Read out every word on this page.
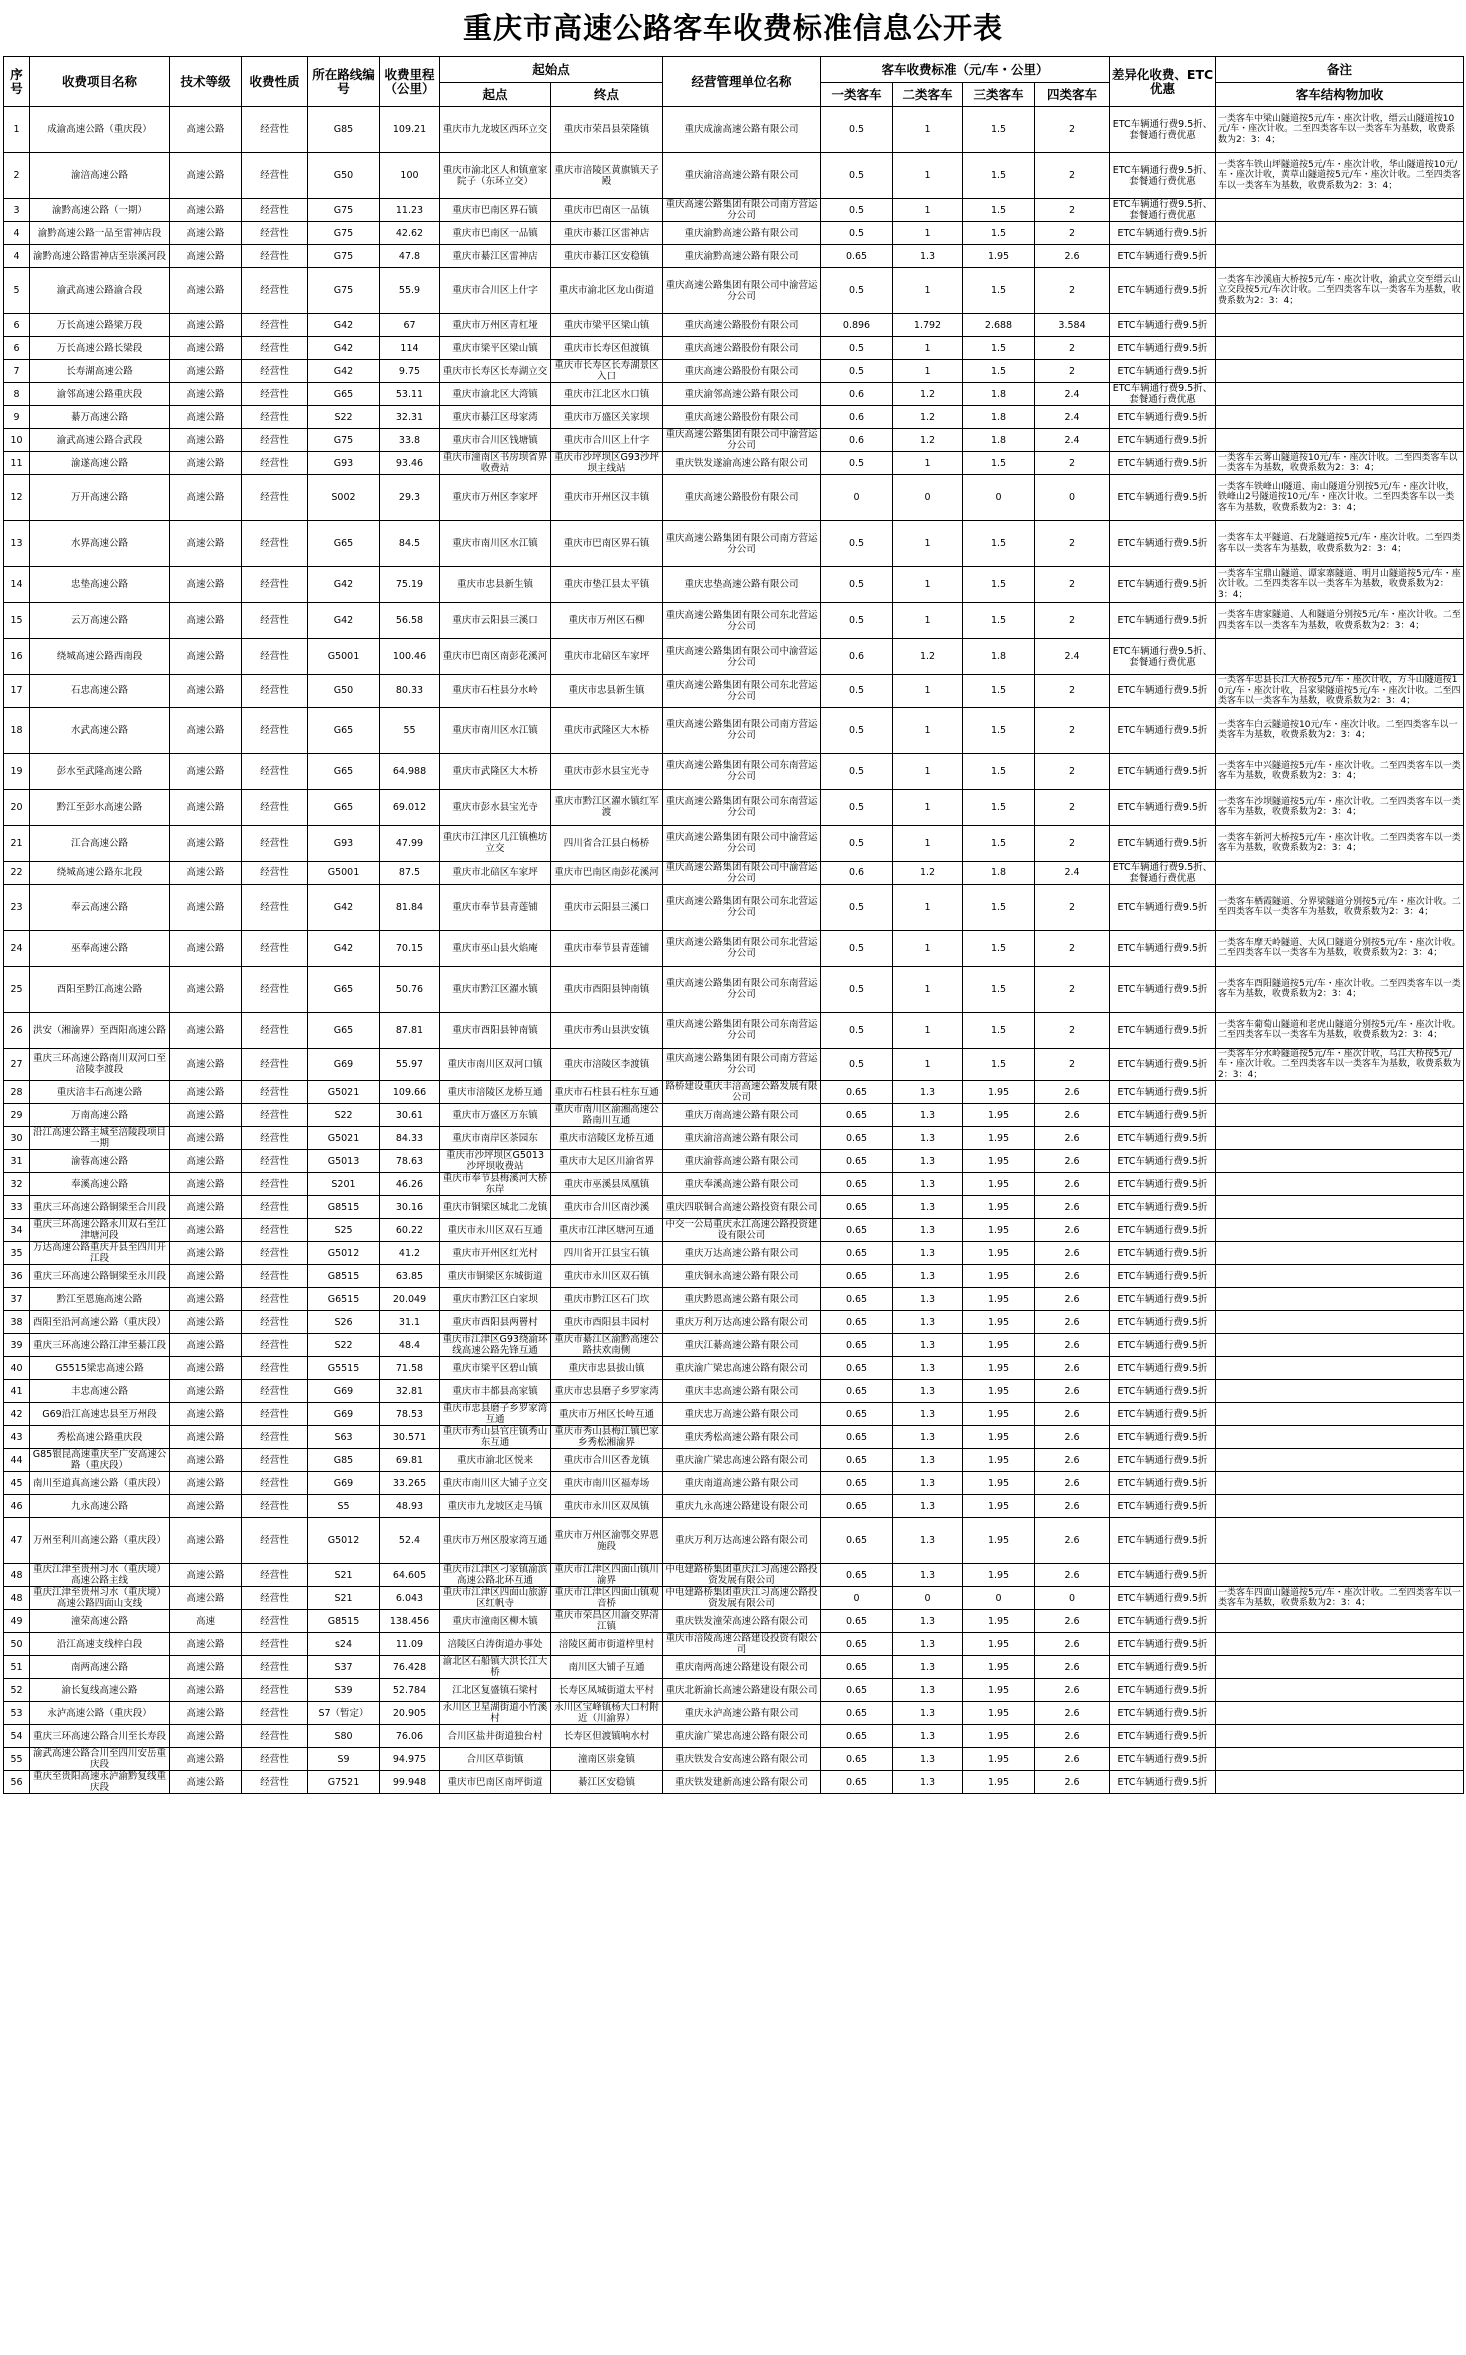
重庆市高速公路客车收费标准信息公开表
序号	收费项目名称	技术等级	收费性质	所在路线编号	收费里程（公里）	起始点		经营管理单位名称	客车收费标准（元/车・公里）				差异化收费、ETC优惠	备注
						起点	终点		一类客车	二类客车	三类客车	四类客车		客车结构物加收
1	成渝高速公路（重庆段）	高速公路	经营性	G85	109.21	重庆市九龙坡区西环立交	重庆市荣昌县荣隆镇	重庆成渝高速公路有限公司	0.5	1	1.5	2	ETC车辆通行费9.5折、套餐通行费优惠	一类客车中梁山隧道按5元/车・座次计收，缙云山隧道按10元/车・座次计收。二至四类客车以一类客车为基数，收费系数为2：3：4；
2	渝涪高速公路	高速公路	经营性	G50	100	重庆市渝北区人和镇童家院子（东环立交）	重庆市涪陵区黄旗镇天子殿	重庆渝涪高速公路有限公司	0.5	1	1.5	2	ETC车辆通行费9.5折、套餐通行费优惠	一类客车铁山坪隧道按5元/车・座次计收，华山隧道按10元/车・座次计收，黄草山隧道按5元/车・座次计收。二至四类客车以一类客车为基数，收费系数为2：3：4；
3	渝黔高速公路（一期）	高速公路	经营性	G75	11.23	重庆市巴南区界石镇	重庆市巴南区一品镇	重庆高速公路集团有限公司南方营运分公司	0.5	1	1.5	2	ETC车辆通行费9.5折、套餐通行费优惠	
4	渝黔高速公路一品至雷神店段	高速公路	经营性	G75	42.62	重庆市巴南区一品镇	重庆市綦江区雷神店	重庆渝黔高速公路有限公司	0.5	1	1.5	2	ETC车辆通行费9.5折	
4	渝黔高速公路雷神店至崇溪河段	高速公路	经营性	G75	47.8	重庆市綦江区雷神店	重庆市綦江区安稳镇	重庆渝黔高速公路有限公司	0.65	1.3	1.95	2.6	ETC车辆通行费9.5折	
5	渝武高速公路渝合段	高速公路	经营性	G75	55.9	重庆市合川区上什字	重庆市渝北区龙山街道	重庆高速公路集团有限公司中渝营运分公司	0.5	1	1.5	2	ETC车辆通行费9.5折	一类客车沙溪庙大桥按5元/车・座次计收，渝武立交至缙云山立交段按5元/车次计收。二至四类客车以一类客车为基数，收费系数为2：3：4；
6	万长高速公路梁万段	高速公路	经营性	G42	67	重庆市万州区青杠垭	重庆市梁平区梁山镇	重庆高速公路股份有限公司	0.896	1.792	2.688	3.584	ETC车辆通行费9.5折	
6	万长高速公路长梁段	高速公路	经营性	G42	114	重庆市梁平区梁山镇	重庆市长寿区但渡镇	重庆高速公路股份有限公司	0.5	1	1.5	2	ETC车辆通行费9.5折	
7	长寿湖高速公路	高速公路	经营性	G42	9.75	重庆市长寿区长寿湖立交	重庆市长寿区长寿湖景区入口	重庆高速公路股份有限公司	0.5	1	1.5	2	ETC车辆通行费9.5折	
8	渝邻高速公路重庆段	高速公路	经营性	G65	53.11	重庆市渝北区大湾镇	重庆市江北区水口镇	重庆渝邻高速公路有限公司	0.6	1.2	1.8	2.4	ETC车辆通行费9.5折、套餐通行费优惠	
9	綦万高速公路	高速公路	经营性	S22	32.31	重庆市綦江区母家湾	重庆市万盛区关家坝	重庆高速公路股份有限公司	0.6	1.2	1.8	2.4	ETC车辆通行费9.5折	
10	渝武高速公路合武段	高速公路	经营性	G75	33.8	重庆市合川区钱塘镇	重庆市合川区上什字	重庆高速公路集团有限公司中渝营运分公司	0.6	1.2	1.8	2.4	ETC车辆通行费9.5折	
11	渝遂高速公路	高速公路	经营性	G93	93.46	重庆市潼南区书房坝省界收费站	重庆市沙坪坝区G93沙坪坝主线站	重庆铁发遂渝高速公路有限公司	0.5	1	1.5	2	ETC车辆通行费9.5折	一类客车云雾山隧道按10元/车・座次计收。二至四类客车以一类客车为基数，收费系数为2：3：4；
12	万开高速公路	高速公路	经营性	S002	29.3	重庆市万州区李家坪	重庆市开州区汉丰镇	重庆高速公路股份有限公司	0	0	0	0	ETC车辆通行费9.5折	一类客车铁峰山Ⅰ隧道、南山隧道分别按5元/车・座次计收，铁峰山2号隧道按10元/车・座次计收。二至四类客车以一类客车为基数，收费系数为2：3：4；
13	水界高速公路	高速公路	经营性	G65	84.5	重庆市南川区水江镇	重庆市巴南区界石镇	重庆高速公路集团有限公司南方营运分公司	0.5	1	1.5	2	ETC车辆通行费9.5折	一类客车太平隧道、石龙隧道按5元/车・座次计收。二至四类客车以一类客车为基数，收费系数为2：3：4；
14	忠垫高速公路	高速公路	经营性	G42	75.19	重庆市忠县新生镇	重庆市垫江县太平镇	重庆忠垫高速公路有限公司	0.5	1	1.5	2	ETC车辆通行费9.5折	一类客车宝鼎山隧道、谭家寨隧道、明月山隧道按5元/车・座次计收。二至四类客车以一类客车为基数，收费系数为2：3：4；
15	云万高速公路	高速公路	经营性	G42	56.58	重庆市云阳县三溪口	重庆市万州区石柳	重庆高速公路集团有限公司东北营运分公司	0.5	1	1.5	2	ETC车辆通行费9.5折	一类客车唐家隧道、人和隧道分别按5元/车・座次计收。二至四类客车以一类客车为基数，收费系数为2：3：4；
16	绕城高速公路西南段	高速公路	经营性	G5001	100.46	重庆市巴南区南彭花溪河	重庆市北碚区车家坪	重庆高速公路集团有限公司中渝营运分公司	0.6	1.2	1.8	2.4	ETC车辆通行费9.5折、套餐通行费优惠	
17	石忠高速公路	高速公路	经营性	G50	80.33	重庆市石柱县分水岭	重庆市忠县新生镇	重庆高速公路集团有限公司东北营运分公司	0.5	1	1.5	2	ETC车辆通行费9.5折	一类客车忠县长江大桥按5元/车・座次计收，方斗山隧道按10元/车・座次计收，吕家梁隧道按5元/车・座次计收。二至四类客车以一类客车为基数，收费系数为2：3：4；
18	水武高速公路	高速公路	经营性	G65	55	重庆市南川区水江镇	重庆市武隆区大木桥	重庆高速公路集团有限公司南方营运分公司	0.5	1	1.5	2	ETC车辆通行费9.5折	一类客车白云隧道按10元/车・座次计收。二至四类客车以一类客车为基数，收费系数为2：3：4；
19	彭水至武隆高速公路	高速公路	经营性	G65	64.988	重庆市武隆区大木桥	重庆市彭水县宝光寺	重庆高速公路集团有限公司东南营运分公司	0.5	1	1.5	2	ETC车辆通行费9.5折	一类客车中兴隧道按5元/车・座次计收。二至四类客车以一类客车为基数，收费系数为2：3：4；
20	黔江至彭水高速公路	高速公路	经营性	G65	69.012	重庆市彭水县宝光寺	重庆市黔江区濯水镇红军渡	重庆高速公路集团有限公司东南营运分公司	0.5	1	1.5	2	ETC车辆通行费9.5折	一类客车沙坝隧道按5元/车・座次计收。二至四类客车以一类客车为基数，收费系数为2：3：4；
21	江合高速公路	高速公路	经营性	G93	47.99	重庆市江津区几江镇樵坊立交	四川省合江县白杨桥	重庆高速公路集团有限公司中渝营运分公司	0.5	1	1.5	2	ETC车辆通行费9.5折	一类客车新河大桥按5元/车・座次计收。二至四类客车以一类客车为基数，收费系数为2：3：4；
22	绕城高速公路东北段	高速公路	经营性	G5001	87.5	重庆市北碚区车家坪	重庆市巴南区南彭花溪河	重庆高速公路集团有限公司中渝营运分公司	0.6	1.2	1.8	2.4	ETC车辆通行费9.5折、套餐通行费优惠	
23	奉云高速公路	高速公路	经营性	G42	81.84	重庆市奉节县青莲铺	重庆市云阳县三溪口	重庆高速公路集团有限公司东北营运分公司	0.5	1	1.5	2	ETC车辆通行费9.5折	一类客车栖霞隧道、分界梁隧道分别按5元/车・座次计收。二至四类客车以一类客车为基数，收费系数为2：3：4；
24	巫奉高速公路	高速公路	经营性	G42	70.15	重庆市巫山县火焰庵	重庆市奉节县青莲铺	重庆高速公路集团有限公司东北营运分公司	0.5	1	1.5	2	ETC车辆通行费9.5折	一类客车摩天岭隧道、大风口隧道分别按5元/车・座次计收。二至四类客车以一类客车为基数，收费系数为2：3：4；
25	酉阳至黔江高速公路	高速公路	经营性	G65	50.76	重庆市黔江区濯水镇	重庆市酉阳县钟南镇	重庆高速公路集团有限公司东南营运分公司	0.5	1	1.5	2	ETC车辆通行费9.5折	一类客车酉阳隧道按5元/车・座次计收。二至四类客车以一类客车为基数，收费系数为2：3：4；
26	洪安（湘渝界）至酉阳高速公路	高速公路	经营性	G65	87.81	重庆市酉阳县钟南镇	重庆市秀山县洪安镇	重庆高速公路集团有限公司东南营运分公司	0.5	1	1.5	2	ETC车辆通行费9.5折	一类客车葡萄山隧道和老虎山隧道分别按5元/车・座次计收。二至四类客车以一类客车为基数，收费系数为2：3：4；
27	重庆三环高速公路南川双河口至涪陵李渡段	高速公路	经营性	G69	55.97	重庆市南川区双河口镇	重庆市涪陵区李渡镇	重庆高速公路集团有限公司南方营运分公司	0.5	1	1.5	2	ETC车辆通行费9.5折	一类客车分水岭隧道按5元/车・座次计收，乌江大桥按5元/车・座次计收。二至四类客车以一类客车为基数，收费系数为2：3：4；
28	重庆涪丰石高速公路	高速公路	经营性	G5021	109.66	重庆市涪陵区龙桥互通	重庆市石柱县石柱东互通	路桥建设重庆丰涪高速公路发展有限公司	0.65	1.3	1.95	2.6	ETC车辆通行费9.5折	
29	万南高速公路	高速公路	经营性	S22	30.61	重庆市万盛区万东镇	重庆市南川区渝湘高速公路南川互通	重庆万南高速公路有限公司	0.65	1.3	1.95	2.6	ETC车辆通行费9.5折	
30	沿江高速公路主城至涪陵段项目一期	高速公路	经营性	G5021	84.33	重庆市南岸区茶园东	重庆市涪陵区龙桥互通	重庆渝涪高速公路有限公司	0.65	1.3	1.95	2.6	ETC车辆通行费9.5折	
31	渝蓉高速公路	高速公路	经营性	G5013	78.63	重庆市沙坪坝区G5013沙坪坝收费站	重庆市大足区川渝省界	重庆渝蓉高速公路有限公司	0.65	1.3	1.95	2.6	ETC车辆通行费9.5折	
32	奉溪高速公路	高速公路	经营性	S201	46.26	重庆市奉节县梅溪河大桥东岸	重庆市巫溪县凤凰镇	重庆奉溪高速公路有限公司	0.65	1.3	1.95	2.6	ETC车辆通行费9.5折	
33	重庆三环高速公路铜梁至合川段	高速公路	经营性	G8515	30.16	重庆市铜梁区城北二龙镇	重庆市合川区南沙溪	重庆四联铜合高速公路投资有限公司	0.65	1.3	1.95	2.6	ETC车辆通行费9.5折	
34	重庆三环高速公路永川双石至江津塘河段	高速公路	经营性	S25	60.22	重庆市永川区双石互通	重庆市江津区塘河互通	中交一公局重庆永江高速公路投资建设有限公司	0.65	1.3	1.95	2.6	ETC车辆通行费9.5折	
35	万达高速公路重庆开县至四川开江段	高速公路	经营性	G5012	41.2	重庆市开州区红光村	四川省开江县宝石镇	重庆万达高速公路有限公司	0.65	1.3	1.95	2.6	ETC车辆通行费9.5折	
36	重庆三环高速公路铜梁至永川段	高速公路	经营性	G8515	63.85	重庆市铜梁区东城街道	重庆市永川区双石镇	重庆铜永高速公路有限公司	0.65	1.3	1.95	2.6	ETC车辆通行费9.5折	
37	黔江至恩施高速公路	高速公路	经营性	G6515	20.049	重庆市黔江区白家坝	重庆市黔江区石门坎	重庆黔恩高速公路有限公司	0.65	1.3	1.95	2.6	ETC车辆通行费9.5折	
38	酉阳至沿河高速公路（重庆段）	高速公路	经营性	S26	31.1	重庆市酉阳县两罾村	重庆市酉阳县丰园村	重庆万利万达高速公路有限公司	0.65	1.3	1.95	2.6	ETC车辆通行费9.5折	
39	重庆三环高速公路江津至綦江段	高速公路	经营性	S22	48.4	重庆市江津区G93绕渝环线高速公路先锋互通	重庆市綦江区渝黔高速公路扶欢南侧	重庆江綦高速公路有限公司	0.65	1.3	1.95	2.6	ETC车辆通行费9.5折	
40	G5515梁忠高速公路	高速公路	经营性	G5515	71.58	重庆市梁平区碧山镇	重庆市忠县拔山镇	重庆渝广梁忠高速公路有限公司	0.65	1.3	1.95	2.6	ETC车辆通行费9.5折	
41	丰忠高速公路	高速公路	经营性	G69	32.81	重庆市丰都县高家镇	重庆市忠县磨子乡罗家湾	重庆丰忠高速公路有限公司	0.65	1.3	1.95	2.6	ETC车辆通行费9.5折	
42	G69沿江高速忠县至万州段	高速公路	经营性	G69	78.53	重庆市忠县磨子乡罗家湾互通	重庆市万州区长岭互通	重庆忠万高速公路有限公司	0.65	1.3	1.95	2.6	ETC车辆通行费9.5折	
43	秀松高速公路重庆段	高速公路	经营性	S63	30.571	重庆市秀山县官庄镇秀山东互通	重庆市秀山县梅江镇巴家乡秀松湘渝界	重庆秀松高速公路有限公司	0.65	1.3	1.95	2.6	ETC车辆通行费9.5折	
44	G85银昆高速重庆至广安高速公路（重庆段）	高速公路	经营性	G85	69.81	重庆市渝北区悦来	重庆市合川区香龙镇	重庆渝广梁忠高速公路有限公司	0.65	1.3	1.95	2.6	ETC车辆通行费9.5折	
45	南川至道真高速公路（重庆段）	高速公路	经营性	G69	33.265	重庆市南川区大铺子立交	重庆市南川区福寿场	重庆南道高速公路有限公司	0.65	1.3	1.95	2.6	ETC车辆通行费9.5折	
46	九永高速公路	高速公路	经营性	S5	48.93	重庆市九龙坡区走马镇	重庆市永川区双凤镇	重庆九永高速公路建设有限公司	0.65	1.3	1.95	2.6	ETC车辆通行费9.5折	
47	万州至利川高速公路（重庆段）	高速公路	经营性	G5012	52.4	重庆市万州区殷家湾互通	重庆市万州区渝鄂交界恩施段	重庆万利万达高速公路有限公司	0.65	1.3	1.95	2.6	ETC车辆通行费9.5折	
48	重庆江津至贵州习水（重庆境）高速公路主线	高速公路	经营性	S21	64.605	重庆市江津区刁家镇渝滨高速公路北环互通	重庆市江津区四面山镇川渝界	中电建路桥集团重庆江习高速公路投资发展有限公司	0.65	1.3	1.95	2.6	ETC车辆通行费9.5折	
48	重庆江津至贵州习水（重庆境）高速公路四面山支线	高速公路	经营性	S21	6.043	重庆市江津区四面山旅游区红帆寺	重庆市江津区四面山镇观音桥	中电建路桥集团重庆江习高速公路投资发展有限公司	0	0	0	0	ETC车辆通行费9.5折	一类客车四面山隧道按5元/车・座次计收。二至四类客车以一类客车为基数，收费系数为2：3：4；
49	潼荣高速公路	高速	经营性	G8515	138.456	重庆市潼南区柳木镇	重庆市荣昌区川渝交界清江镇	重庆铁发潼荣高速公路有限公司	0.65	1.3	1.95	2.6	ETC车辆通行费9.5折	
50	沿江高速支线梓白段	高速公路	经营性	s24	11.09	涪陵区白涛街道办事处	涪陵区蔺市街道梓里村	重庆市涪陵高速公路建设投资有限公司	0.65	1.3	1.95	2.6	ETC车辆通行费9.5折	
51	南两高速公路	高速公路	经营性	S37	76.428	渝北区石船镇大洪长江大桥	南川区大铺子互通	重庆南两高速公路建设有限公司	0.65	1.3	1.95	2.6	ETC车辆通行费9.5折	
52	渝长复线高速公路	高速公路	经营性	S39	52.784	江北区复盛镇石梁村	长寿区凤城街道太平村	重庆北新渝长高速公路建设有限公司	0.65	1.3	1.95	2.6	ETC车辆通行费9.5折	
53	永泸高速公路（重庆段）	高速公路	经营性	S7（暂定）	20.905	永川区卫星湖街道小竹溪村	永川区宝峰镇杨大口村附近（川渝界）	重庆永泸高速公路有限公司	0.65	1.3	1.95	2.6	ETC车辆通行费9.5折	
54	重庆三环高速公路合川至长寿段	高速公路	经营性	S80	76.06	合川区盐井街道独台村	长寿区但渡镇响水村	重庆渝广梁忠高速公路有限公司	0.65	1.3	1.95	2.6	ETC车辆通行费9.5折	
55	渝武高速公路合川至四川安岳重庆段	高速公路	经营性	S9	94.975	合川区草街镇	潼南区崇龛镇	重庆铁发合安高速公路有限公司	0.65	1.3	1.95	2.6	ETC车辆通行费9.5折	
56	重庆至贵阳高速永泸渝黔复线重庆段	高速公路	经营性	G7521	99.948	重庆市巴南区南坪街道	綦江区安稳镇	重庆铁发建新高速公路有限公司	0.65	1.3	1.95	2.6	ETC车辆通行费9.5折	
